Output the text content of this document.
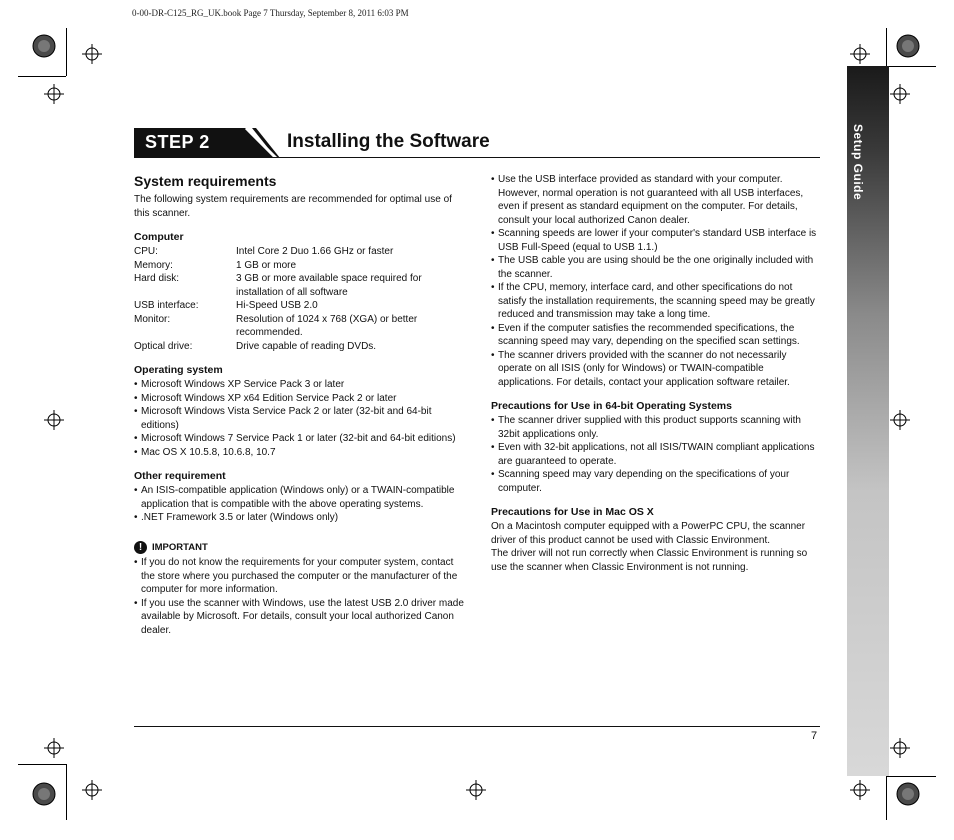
0-00-DR-C125_RG_UK.book Page 7 Thursday, September 8, 2011 6:03 PM
Setup Guide
STEP 2	Installing the Software
System requirements

The following system requirements are recommended for optimal use of this scanner.

Computer
CPU:	Intel Core 2 Duo 1.66 GHz or faster
Memory:	1 GB or more
Hard disk:	3 GB or more available space required for installation of all software
USB interface:	Hi-Speed USB 2.0
Monitor:	Resolution of 1024 x 768 (XGA) or better recommended.
Optical drive:	Drive capable of reading DVDs.
Operating system
• Microsoft Windows XP Service Pack 3 or later
• Microsoft Windows XP x64 Edition Service Pack 2 or later
• Microsoft Windows Vista Service Pack 2 or later (32-bit and 64-bit editions)
• Microsoft Windows 7 Service Pack 1 or later (32-bit and 64-bit editions)
• Mac OS X 10.5.8, 10.6.8, 10.7
Other requirement
• An ISIS-compatible application (Windows only) or a TWAIN-compatible application that is compatible with the above operating systems.
• .NET Framework 3.5 or later (Windows only)
!	IMPORTANT
• If you do not know the requirements for your computer system, contact the store where you purchased the computer or the manufacturer of the computer for more information.
• If you use the scanner with Windows, use the latest USB 2.0 driver made available by Microsoft. For details, consult your local authorized Canon dealer.
• Use the USB interface provided as standard with your computer. However, normal operation is not guaranteed with all USB interfaces, even if present as standard equipment on the computer. For details, consult your local authorized Canon dealer.
• Scanning speeds are lower if your computer's standard USB interface is USB Full-Speed (equal to USB 1.1.)
• The USB cable you are using should be the one originally included with the scanner.
• If the CPU, memory, interface card, and other specifications do not satisfy the installation requirements, the scanning speed may be greatly reduced and transmission may take a long time.
• Even if the computer satisfies the recommended specifications, the scanning speed may vary, depending on the specified scan settings.
• The scanner drivers provided with the scanner do not necessarily operate on all ISIS (only for Windows) or TWAIN-compatible applications. For details, contact your application software retailer.
Precautions for Use in 64-bit Operating Systems
• The scanner driver supplied with this product supports scanning with 32bit applications only.
• Even with 32-bit applications, not all ISIS/TWAIN compliant applications are guaranteed to operate.
• Scanning speed may vary depending on the specifications of your computer.
Precautions for Use in Mac OS X

On a Macintosh computer equipped with a PowerPC CPU, the scanner driver of this product cannot be used with Classic Environment.

The driver will not run correctly when Classic Environment is running so use the scanner when Classic Environment is not running.

7
